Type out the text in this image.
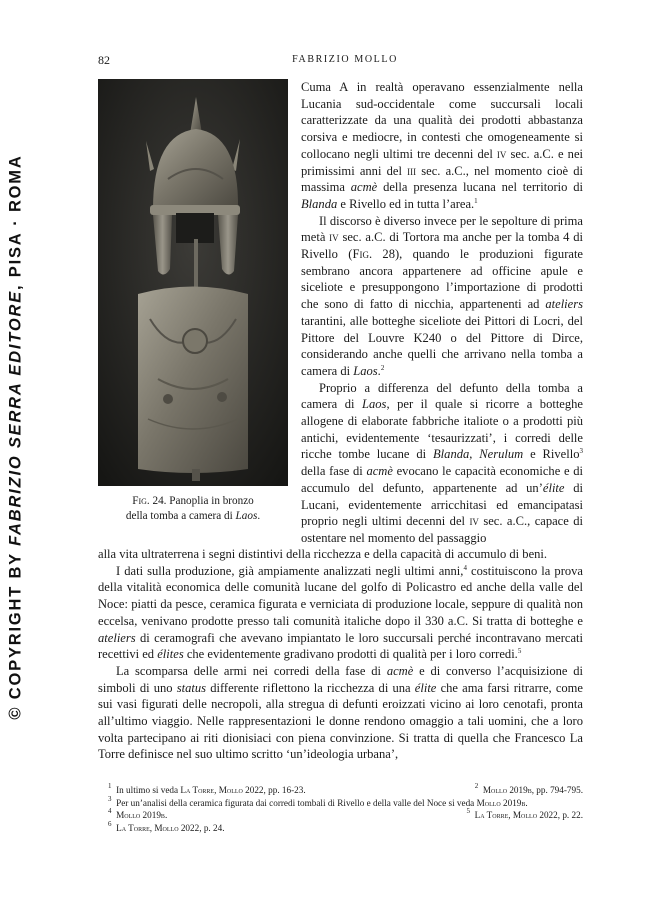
© COPYRIGHT BY FABRIZIO SERRA EDITORE, PISA · ROMA
82	FABRIZIO MOLLO
Fig. 24. Panoplia in bronzo
della tomba a camera di Laos.

Cuma A in realtà operavano essenzialmente nella Lucania sud-occidentale come succursali locali caratterizzate da una qualità dei prodotti abbastanza corsiva e mediocre, in contesti che omogeneamente si collocano negli ultimi tre decenni del iv sec. a.C. e nei primissimi anni del iii sec. a.C., nel momento cioè di massima acmè della presenza lucana nel territorio di Blanda e Rivello ed in tutta l’area.$^1$

Il discorso è diverso invece per le sepolture di prima metà iv sec. a.C. di Tortora ma anche per la tomba 4 di Rivello (Fig. 28), quando le produzioni figurate sembrano ancora appartenere ad officine apule e siceliote e presuppongono l’importazione di prodotti che sono di fatto di nicchia, appartenenti ad ateliers tarantini, alle botteghe siceliote dei Pittori di Locri, del Pittore del Louvre K240 o del Pittore di Dirce, considerando anche quelli che arrivano nella tomba a camera di Laos.$^2$

Proprio a differenza del defunto della tomba a camera di Laos, per il quale si ricorre a botteghe allogene di elaborate fabbriche italiote o a prodotti più antichi, evidentemente ‘tesaurizzati’, i corredi delle ricche tombe lucane di Blanda, Nerulum e Rivello$^3$ della fase di acmè evocano le capacità economiche e di accumulo del defunto, appartenente ad un’élite di Lucani, evidentemente arricchitasi ed emancipatasi proprio negli ultimi decenni del iv sec. a.C., capace di ostentare nel momento del passaggio

alla vita ultraterrena i segni distintivi della ricchezza e della capacità di accumulo di beni.

I dati sulla produzione, già ampiamente analizzati negli ultimi anni,$^4$ costituiscono la prova della vitalità economica delle comunità lucane del golfo di Policastro ed anche della valle del Noce: piatti da pesce, ceramica figurata e verniciata di produzione locale, seppure di qualità non eccelsa, venivano prodotte presso tali comunità italiche dopo il 330 a.C. Si tratta di botteghe e ateliers di ceramografi che avevano impiantato le loro succursali perché incontravano mercati recettivi ed élites che evidentemente gradivano prodotti di qualità per i loro corredi.$^5$

La scomparsa delle armi nei corredi della fase di acmè e di converso l’acquisizione di simboli di uno status differente riflettono la ricchezza di una élite che ama farsi ritrarre, come sui vasi figurati delle necropoli, alla stregua di defunti eroizzati vicino ai loro cenotafi, pronta all’ultimo viaggio. Nelle rappresentazioni le donne rendono omaggio a tali uomini, che a loro volta partecipano ai riti dionisiaci con piena convinzione. Si tratta di quella che Francesco La Torre definisce nel suo ultimo scritto ‘un’ideologia urbana’,

$^1$ In ultimo si veda La Torre, Mollo 2022, pp. 16-23.	$^2$ Mollo 2019b, pp. 794-795.
$^3$ Per un’analisi della ceramica figurata dai corredi tombali di Rivello e della valle del Noce si veda Mollo 2019b.
$^4$ Mollo 2019b.	$^5$ La Torre, Mollo 2022, p. 22.
$^6$ La Torre, Mollo 2022, p. 24.
